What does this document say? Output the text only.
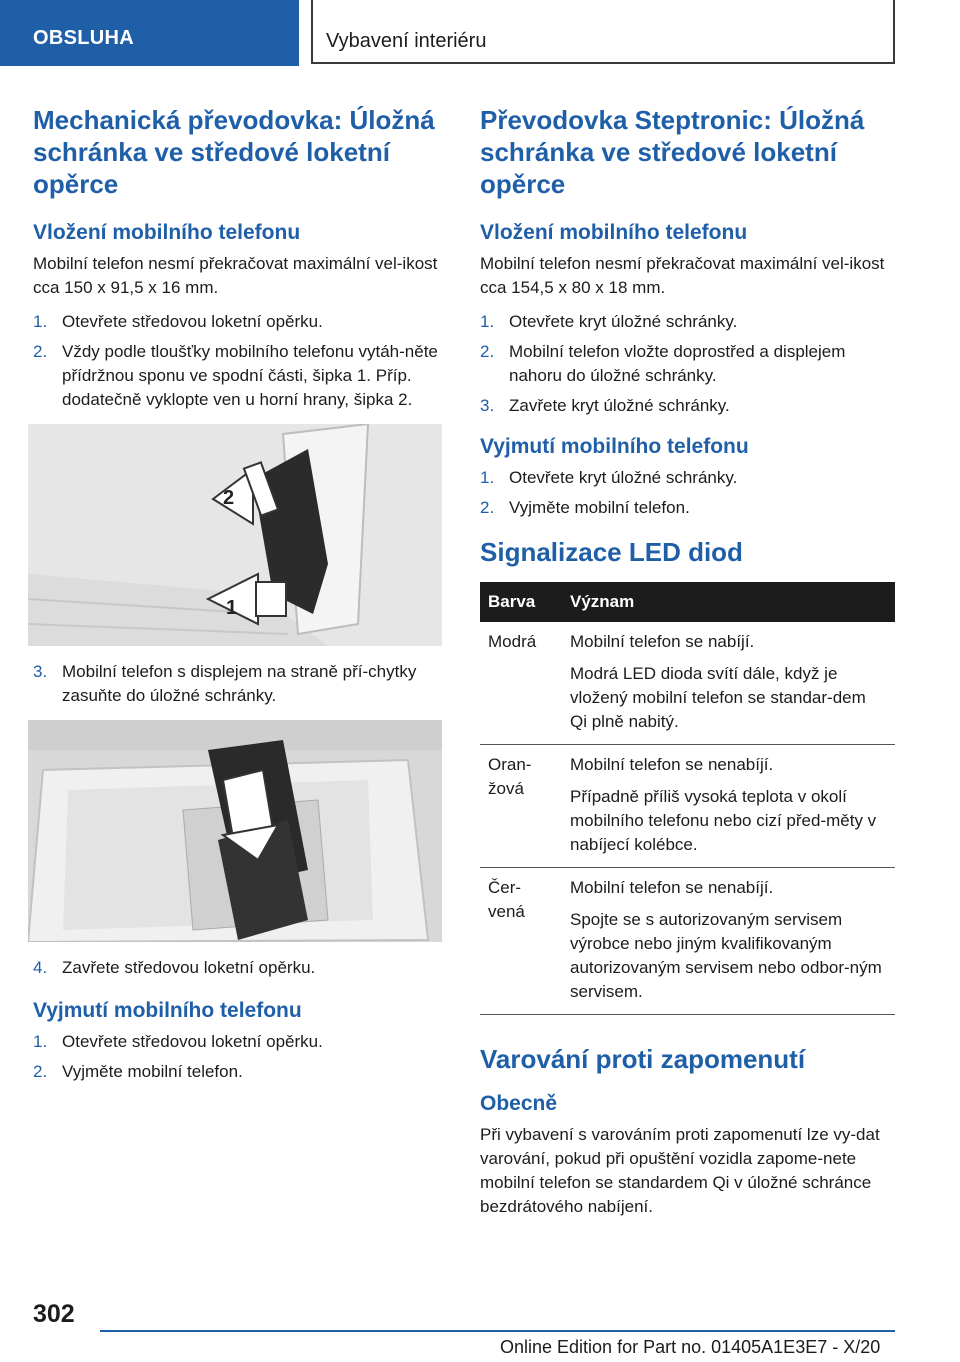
OBSLUHA	Vybavení interiéru
Mechanická převodovka: Úložná schránka ve středové loketní opěrce
Vložení mobilního telefonu

Mobilní telefon nesmí překračovat maximální vel‐ikost cca 150 x 91,5 x 16 mm.

1. Otevřete středovou loketní opěrku.
2. Vždy podle tloušťky mobilního telefonu vytáh‐něte přídržnou sponu ve spodní části, šipka 1. Příp. dodatečně vyklopte ven u horní hrany, šipka 2.
1
2
3. Mobilní telefon s displejem na straně pří‐chytky zasuňte do úložné schránky.
4. Zavřete středovou loketní opěrku.
Vyjmutí mobilního telefonu
1. Otevřete středovou loketní opěrku.
2. Vyjměte mobilní telefon.
Převodovka Steptronic: Úložná schránka ve středové loketní opěrce
Vložení mobilního telefonu

Mobilní telefon nesmí překračovat maximální vel‐ikost cca 154,5 x 80 x 18 mm.

1. Otevřete kryt úložné schránky.
2. Mobilní telefon vložte doprostřed a displejem nahoru do úložné schránky.
3. Zavřete kryt úložné schránky.
Vyjmutí mobilního telefonu
1. Otevřete kryt úložné schránky.
2. Vyjměte mobilní telefon.
Signalizace LED diod
Barva	Význam
Modrá	Mobilní telefon se nabíjí.

Modrá LED dioda svítí dále, když je vložený mobilní telefon se standar‐dem Qi plně nabitý.

Oran‐žová	Mobilní telefon se nenabíjí.

Případně příliš vysoká teplota v okolí mobilního telefonu nebo cizí před‐měty v nabíjecí kolébce.

Čer‐vená	Mobilní telefon se nenabíjí.

Spojte se s autorizovaným servisem výrobce nebo jiným kvalifikovaným autorizovaným servisem nebo odbor‐ným servisem.

Varování proti zapomenutí
Obecně

Při vybavení s varováním proti zapomenutí lze vy‐dat varování, pokud při opuštění vozidla zapome‐nete mobilní telefon se standardem Qi v úložné schránce bezdrátového nabíjení.

302
Online Edition for Part no. 01405A1E3E7 - X/20
